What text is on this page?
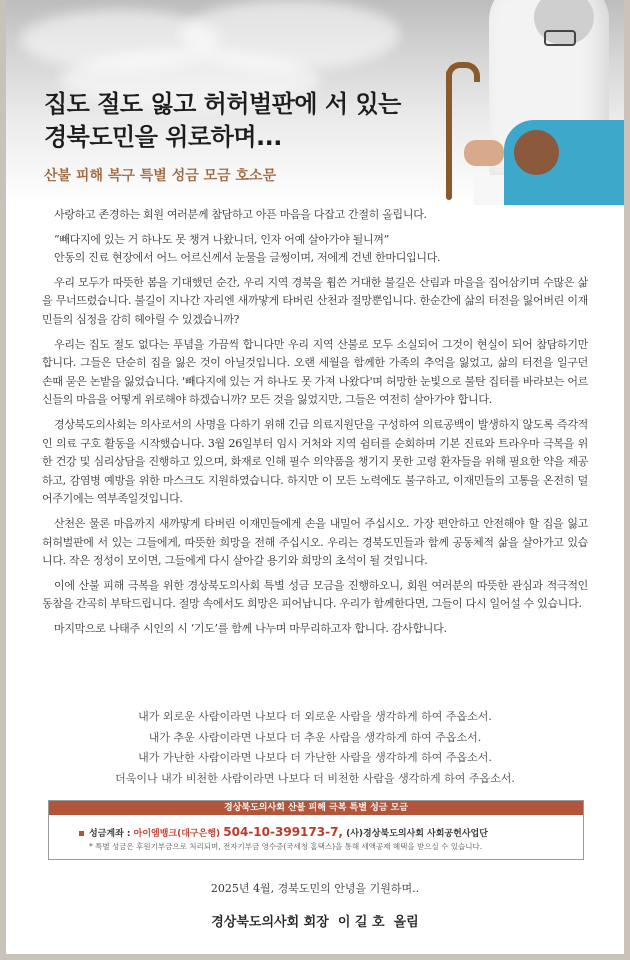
집도 절도 잃고 허허벌판에 서 있는
경북도민을 위로하며...
산불 피해 복구 특별 성금 모금 호소문

사랑하고 존경하는 회원 여러분께 참담하고 아픈 마음을 다잡고 간절히 올립니다.

“빼다지에 있는 거 하나도 못 챙겨 나왔니더, 인자 어예 살아가야 될니껴”

안동의 진료 현장에서 어느 어르신께서 눈물을 글썽이며, 저에게 건넨 한마디입니다.

우리 모두가 따뜻한 봄을 기대했던 순간, 우리 지역 경북을 휩쓴 거대한 불길은 산림과 마을을 집어삼키며 수많은 삶을 무너뜨렸습니다. 불길이 지나간 자리엔 새까맣게 타버린 산천과 절망뿐입니다. 한순간에 삶의 터전을 잃어버린 이재민들의 심정을 감히 헤아릴 수 있겠습니까?

우리는 집도 절도 없다는 푸념을 가끔씩 합니다만 우리 지역 산불로 모두 소실되어 그것이 현실이 되어 참담하기만 합니다. 그들은 단순히 집을 잃은 것이 아닐것입니다. 오랜 세월을 함께한 가족의 추억을 잃었고, 삶의 터전을 일구던 손때 묻은 논밭을 잃었습니다. '빼다지에 있는 거 하나도 못 가져 나왔다'며 허망한 눈빛으로 불탄 집터를 바라보는 어르신들의 마음을 어떻게 위로해야 하겠습니까? 모든 것을 잃었지만, 그들은 여전히 살아가야 합니다.

경상북도의사회는 의사로서의 사명을 다하기 위해 긴급 의료지원단을 구성하여 의료공백이 발생하지 않도록 즉각적인 의료 구호 활동을 시작했습니다. 3월 26일부터 임시 거처와 지역 쉼터를 순회하며 기본 진료와 트라우마 극복을 위한 건강 및 심리상담을 진행하고 있으며, 화재로 인해 필수 의약품을 챙기지 못한 고령 환자들을 위해 필요한 약을 제공하고, 감염병 예방을 위한 마스크도 지원하였습니다. 하지만 이 모든 노력에도 불구하고, 이재민들의 고통을 온전히 덜어주기에는 역부족일것입니다.

산천은 물론 마음까지 새까맣게 타버린 이재민들에게 손을 내밀어 주십시오. 가장 편안하고 안전해야 할 집을 잃고 허허벌판에 서 있는 그들에게, 따뜻한 희망을 전해 주십시오. 우리는 경북도민들과 함께 공동체적 삶을 살아가고 있습니다. 작은 정성이 모이면, 그들에게 다시 살아갈 용기와 희망의 초석이 될 것입니다.

이에 산불 피해 극복을 위한 경상북도의사회 특별 성금 모금을 진행하오니, 회원 여러분의 따뜻한 관심과 적극적인 동참을 간곡히 부탁드립니다. 절망 속에서도 희망은 피어납니다. 우리가 함께한다면, 그들이 다시 일어설 수 있습니다.

마지막으로 나태주 시인의 시 ‘기도’를 함께 나누며 마무리하고자 합니다. 감사합니다.

내가 외로운 사람이라면 나보다 더 외로운 사람을 생각하게 하여 주옵소서.
내가 추운 사람이라면 나보다 더 추운 사람을 생각하게 하여 주옵소서.
내가 가난한 사람이라면 나보다 더 가난한 사람을 생각하게 하여 주옵소서.
더욱이나 내가 비천한 사람이라면 나보다 더 비천한 사람을 생각하게 하여 주옵소서.
경상북도의사회 산불 피해 극복 특별 성금 모금
성금계좌 : 아이엠뱅크(대구은행) 504-10-399173-7, (사)경상북도의사회 사회공헌사업단
* 특별 성금은 후원기부금으로 처리되며, 전자기부금 영수증(국세청 홈택스)을 통해 세액공제 혜택을 받으실 수 있습니다.
2025년 4월, 경북도민의 안녕을 기원하며..
경상북도의사회 회장  이 길 호  올림
